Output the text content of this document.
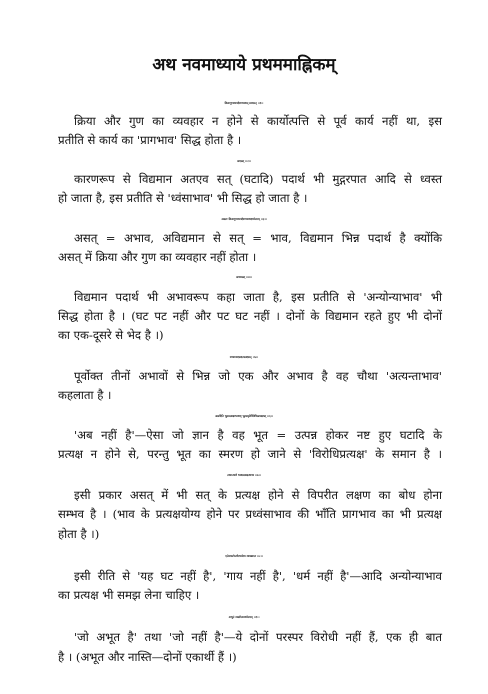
अथ नवमाध्याये प्रथममाह्निकम्
क्रियागुणव्यपदेशाभावात् प्रागसत् ।।१।।
क्रिया और गुण का व्यवहार न होने से कार्योत्पत्ति से पूर्व कार्य नहीं था, इस
प्रतीति से कार्य का 'प्रागभाव' सिद्ध होता है ।
सदसत् ।।२।।
कारणरूप से विद्यमान अतएव सत् (घटादि) पदार्थ भी मुद्गरपात आदि से ध्वस्त
हो जाता है, इस प्रतीति से 'ध्वंसाभाव' भी सिद्ध हो जाता है ।
असतः क्रियागुणव्यपदेशाभावादर्थान्तरम् ।।३।।
असत् = अभाव, अविद्यमान से सत् = भाव, विद्यमान भिन्न पदार्थ है क्योंकि
असत् में क्रिया और गुण का व्यवहार नहीं होता ।
सच्चासत् ।।४।।
विद्यमान पदार्थ भी अभावरूप कहा जाता है, इस प्रतीति से 'अन्योन्याभाव' भी
सिद्ध होता है । (घट पट नहीं और पट घट नहीं । दोनों के विद्यमान रहते हुए भी दोनों
का एक-दूसरे से भेद है ।)
यच्चान्यदसदतस्तदसत् ।।५।।
पूर्वोक्त तीनों अभावों से भिन्न जो एक और अभाव है वह चौथा 'अत्यन्ताभाव'
कहलाता है ।
असदिति भूतप्रत्यक्षाभावाद् भूतस्मृतेर्विरोधिप्रत्यक्षवत् ।।६।।
'अब नहीं है'—ऐसा जो ज्ञान है वह भूत = उत्पन्न होकर नष्ट हुए घटादि के
प्रत्यक्ष न होने से, परन्तु भूत का स्मरण हो जाने से 'विरोधिप्रत्यक्ष' के समान है ।
तथाऽभावे भावप्रत्यक्षत्वाच्च ।।७।।
इसी प्रकार असत् में भी सत् के प्रत्यक्ष होने से विपरीत लक्षण का बोध होना
सम्भव है । (भाव के प्रत्यक्षयोग्य होने पर प्रध्वंसाभाव की भाँति प्रागभाव का भी प्रत्यक्ष
होता है ।)
एतेनाघटोऽगौरधर्मश्च व्याख्यातः ।।८।।
इसी रीति से 'यह घट नहीं है', 'गाय नहीं है', 'धर्म नहीं है'—आदि अन्योन्याभाव
का प्रत्यक्ष भी समझ लेना चाहिए ।
अभूतं नास्तीत्यनर्थान्तरम् ।।९।।
'जो अभूत है' तथा 'जो नहीं है'—ये दोनों परस्पर विरोधी नहीं हैं, एक ही बात
है । (अभूत और नास्ति—दोनों एकार्थी हैं ।)
